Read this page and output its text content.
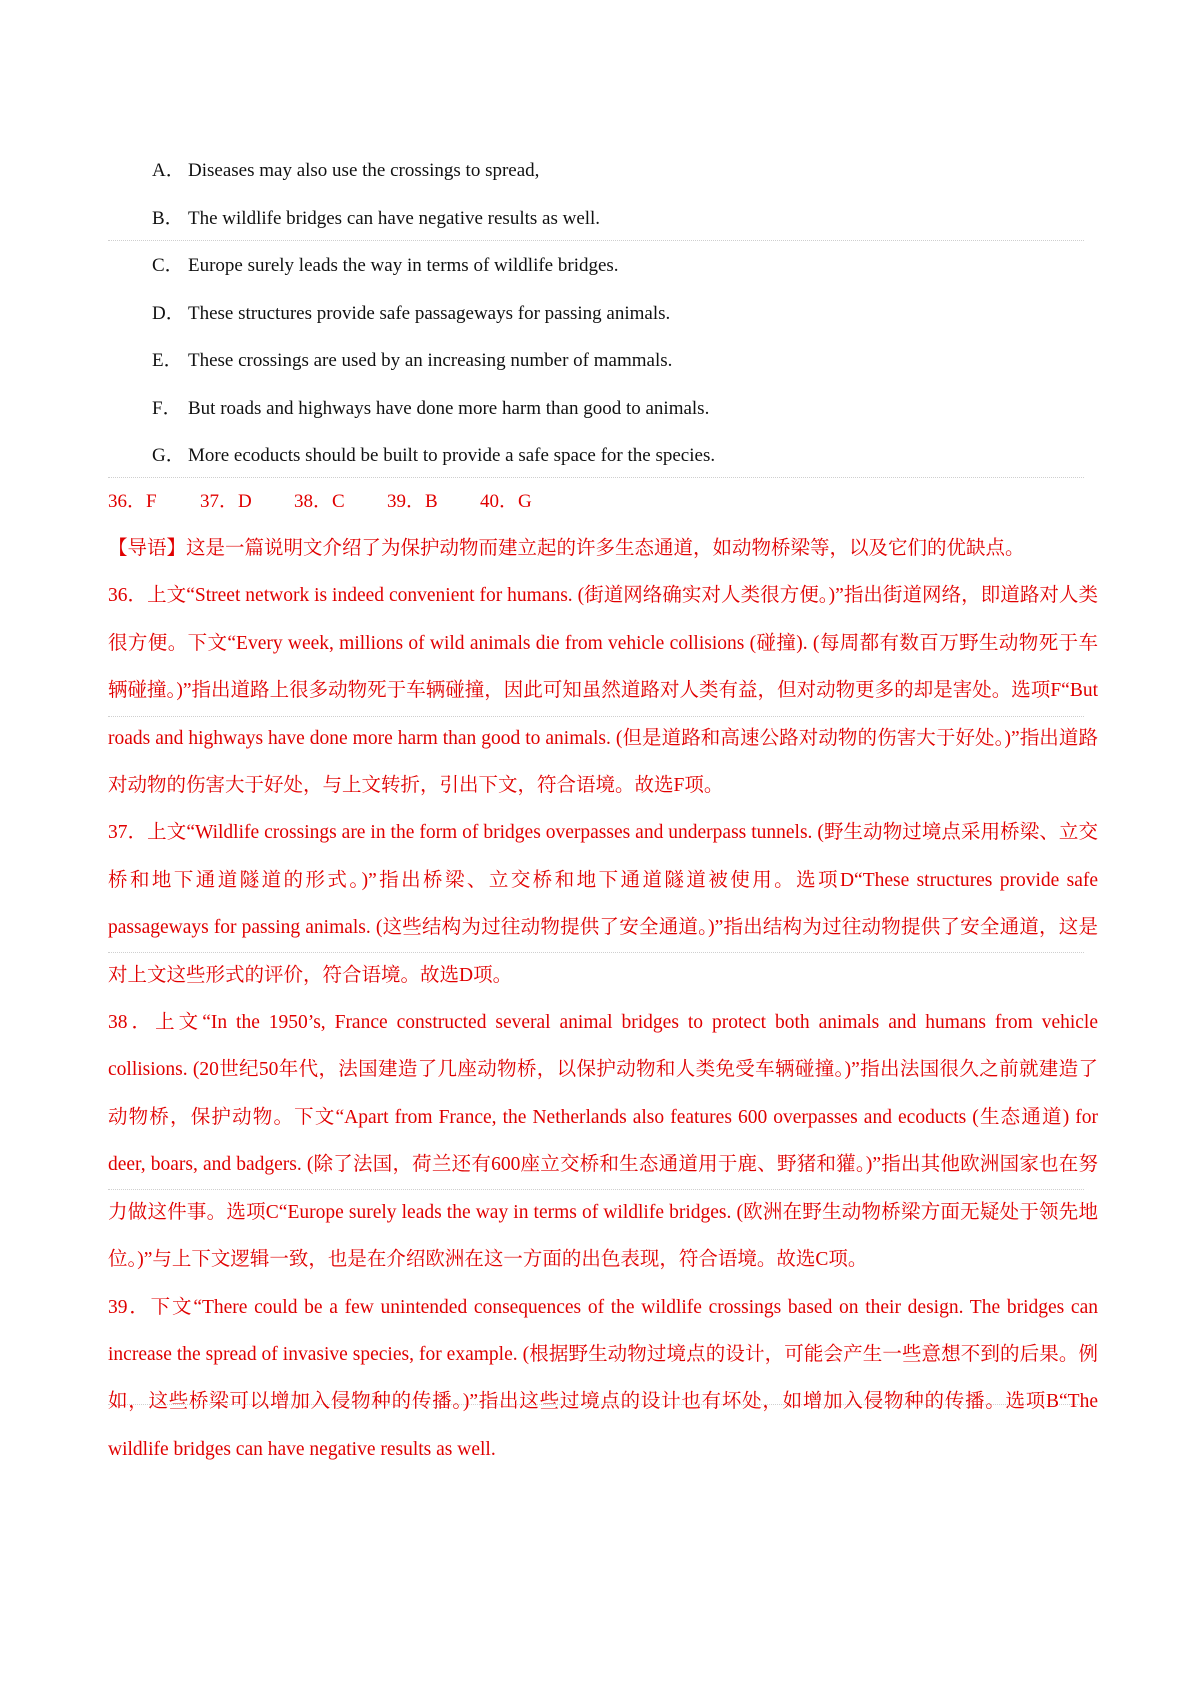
A． Diseases may also use the crossings to spread,
B． The wildlife bridges can have negative results as well.
C． Europe surely leads the way in terms of wildlife bridges.
D． These structures provide safe passageways for passing animals.
E． These crossings are used by an increasing number of mammals.
F． But roads and highways have done more harm than good to animals.
G． More ecoducts should be built to provide a safe space for the species.
36．F 37．D 38．C 39．B 40．G

【导语】这是一篇说明文介绍了为保护动物而建立起的许多生态通道，如动物桥梁等，以及它们的优缺点。

36．上文“Street network is indeed convenient for humans. (街道网络确实对人类很方便。)”指出街道网络，即道路对人类很方便。下文“Every week, millions of wild animals die from vehicle collisions (碰撞). (每周都有数百万野生动物死于车辆碰撞。)”指出道路上很多动物死于车辆碰撞，因此可知虽然道路对人类有益，但对动物更多的却是害处。选项F“But roads and highways have done more harm than good to animals. (但是道路和高速公路对动物的伤害大于好处。)”指出道路对动物的伤害大于好处，与上文转折，引出下文，符合语境。故选F项。

37．上文“Wildlife crossings are in the form of bridges overpasses and underpass tunnels. (野生动物过境点采用桥梁、立交桥和地下通道隧道的形式。)”指出桥梁、立交桥和地下通道隧道被使用。选项D“These structures provide safe passageways for passing animals. (这些结构为过往动物提供了安全通道。)”指出结构为过往动物提供了安全通道，这是对上文这些形式的评价，符合语境。故选D项。

38．上文“In the 1950’s, France constructed several animal bridges to protect both animals and humans from vehicle collisions. (20世纪50年代，法国建造了几座动物桥，以保护动物和人类免受车辆碰撞。)”指出法国很久之前就建造了动物桥，保护动物。下文“Apart from France, the Netherlands also features 600 overpasses and ecoducts (生态通道) for deer, boars, and badgers. (除了法国，荷兰还有600座立交桥和生态通道用于鹿、野猪和獾。)”指出其他欧洲国家也在努力做这件事。选项C“Europe surely leads the way in terms of wildlife bridges. (欧洲在野生动物桥梁方面无疑处于领先地位。)”与上下文逻辑一致，也是在介绍欧洲在这一方面的出色表现，符合语境。故选C项。

39．下文“There could be a few unintended consequences of the wildlife crossings based on their design. The bridges can increase the spread of invasive species, for example. (根据野生动物过境点的设计，可能会产生一些意想不到的后果。例如，这些桥梁可以增加入侵物种的传播。)”指出这些过境点的设计也有坏处，如增加入侵物种的传播。选项B“The wildlife bridges can have negative results as well.
